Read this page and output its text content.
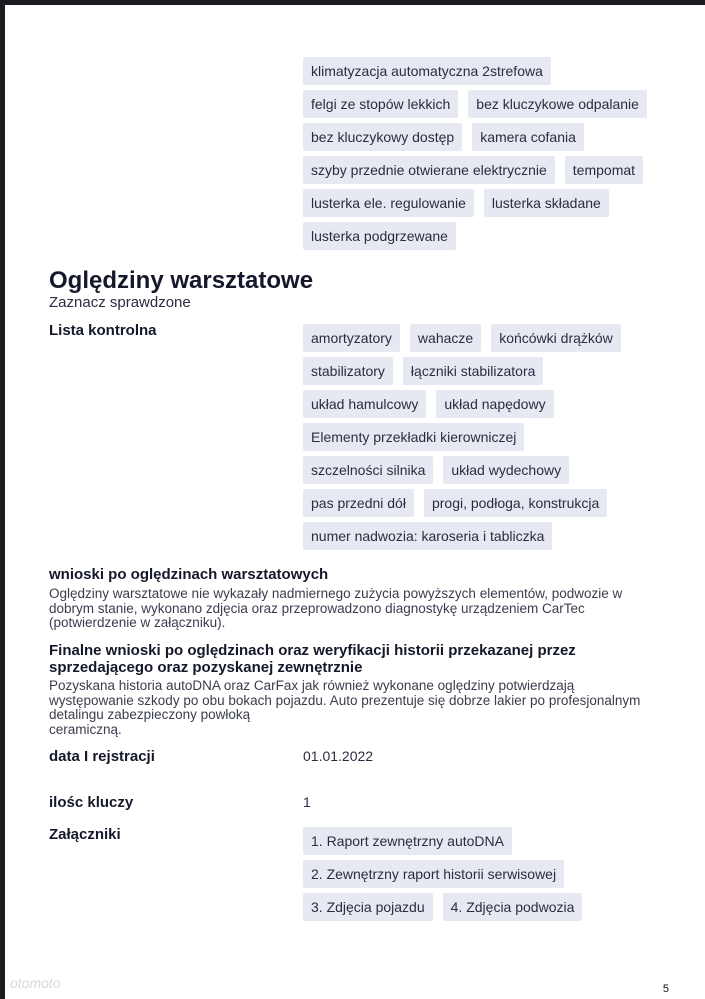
klimatyzacja automatyczna 2strefowa
felgi ze stopów lekkich	bez kluczykowe odpalanie
bez kluczykowy dostęp	kamera cofania
szyby przednie otwierane elektrycznie	tempomat
lusterka ele. regulowanie	lusterka składane
lusterka podgrzewane
Oględziny warsztatowe
Zaznacz sprawdzone
Lista kontrolna	amortyzatory	wahacze	końcówki drążków
stabilizatory	łączniki stabilizatora
układ hamulcowy	układ napędowy
Elementy przekładki kierowniczej
szczelności silnika	układ wydechowy
pas przedni dół	progi, podłoga, konstrukcja
numer nadwozia: karoseria i tabliczka
wnioski po oględzinach warsztatowych
Oględziny warsztatowe nie wykazały nadmiernego zużycia powyższych elementów, podwozie w dobrym stanie, wykonano zdjęcia oraz przeprowadzono diagnostykę urządzeniem CarTec (potwierdzenie w załączniku).
Finalne wnioski po oględzinach oraz weryfikacji historii przekazanej przez sprzedającego oraz pozyskanej zewnętrznie
Pozyskana historia autoDNA oraz CarFax jak również wykonane oględziny potwierdzają występowanie szkody po obu bokach pojazdu. Auto prezentuje się dobrze lakier po profesjonalnym detalingu zabezpieczony powłoką
ceramiczną.
data I rejstracji	01.01.2022
ilośc kluczy	1
Załączniki	1. Raport zewnętrzny autoDNA
2. Zewnętrzny raport historii serwisowej
3. Zdjęcia pojazdu	4. Zdjęcia podwozia
5
otomoto
